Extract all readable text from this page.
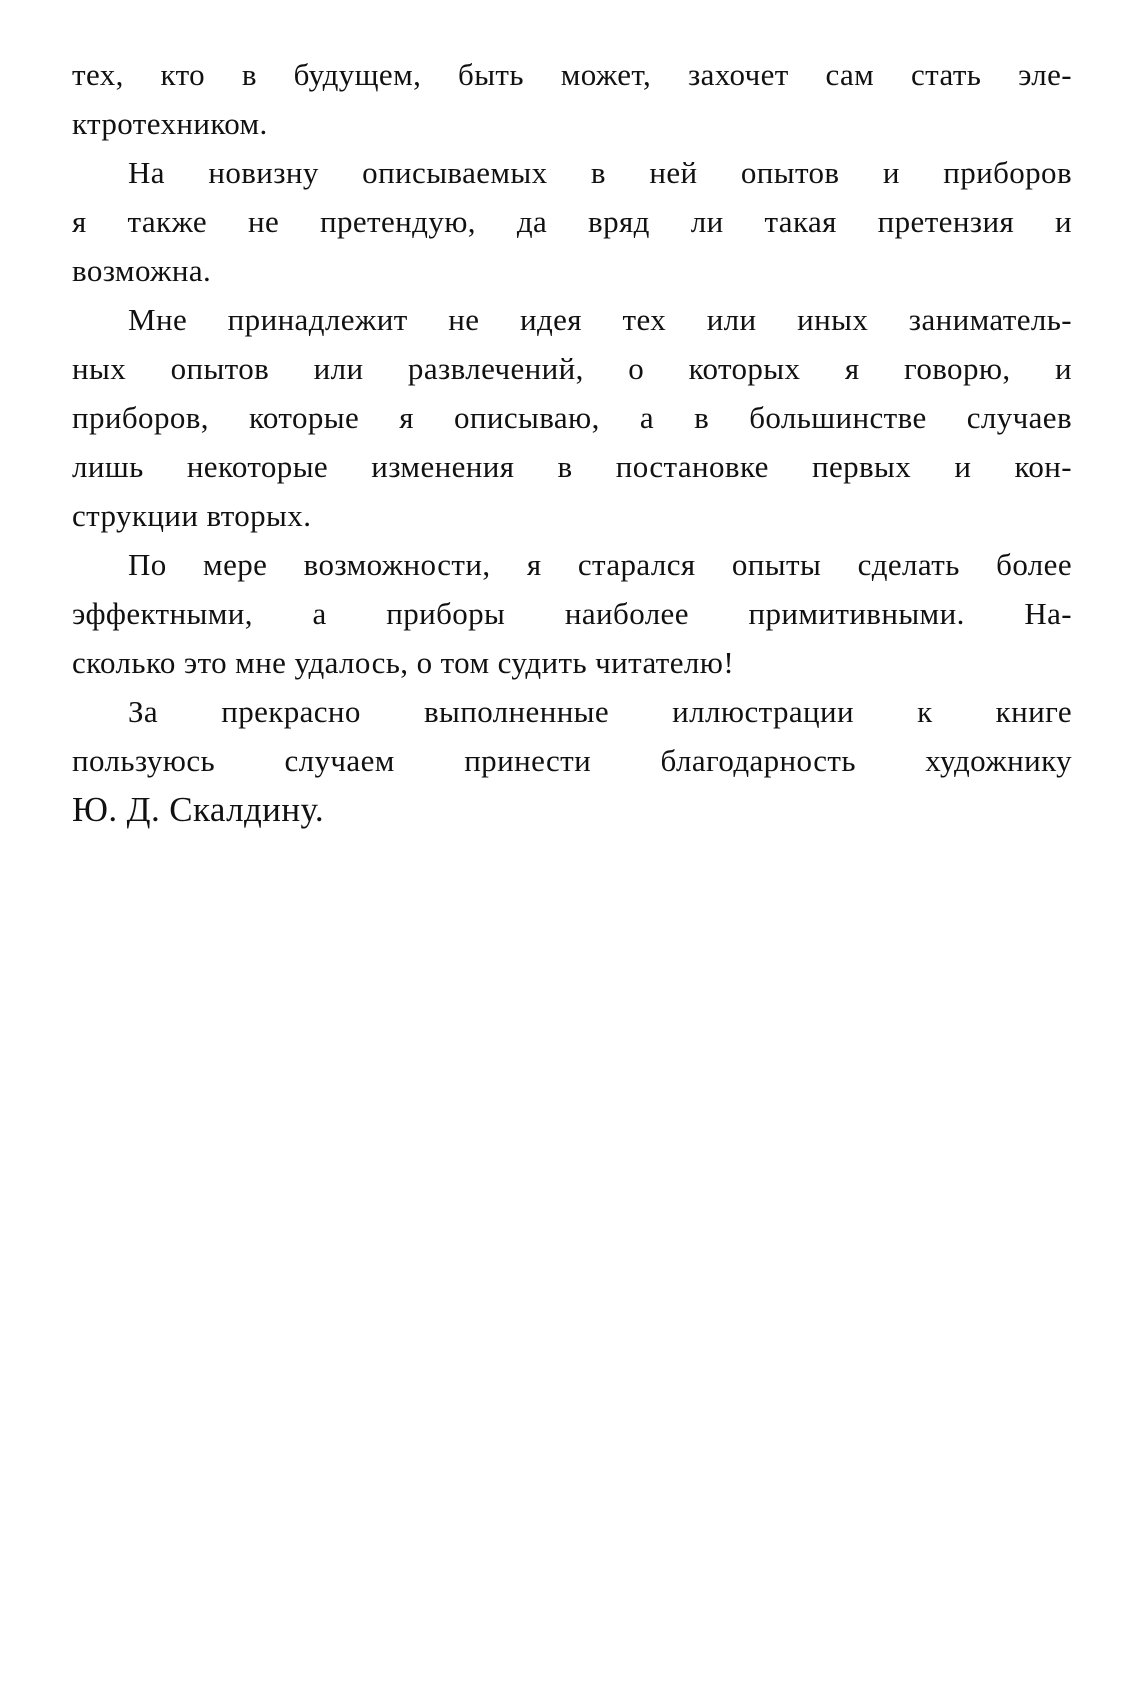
тех, кто в будущем, быть может, захочет сам стать эле-
ктротехником.
На новизну описываемых в ней опытов и приборов
я также не претендую, да вряд ли такая претензия и
возможна.
Мне принадлежит не идея тех или иных заниматель-
ных опытов или развлечений, о которых я говорю, и
приборов, которые я описываю, а в большинстве случаев
лишь некоторые изменения в постановке первых и кон-
струкции вторых.
По мере возможности, я старался опыты сделать более
эффектными, а приборы наиболее примитивными. На-
сколько это мне удалось, о том судить читателю!
За прекрасно выполненные иллюстрации к книге
пользуюсь случаем принести благодарность художнику
Ю. Д. Скалдину.
